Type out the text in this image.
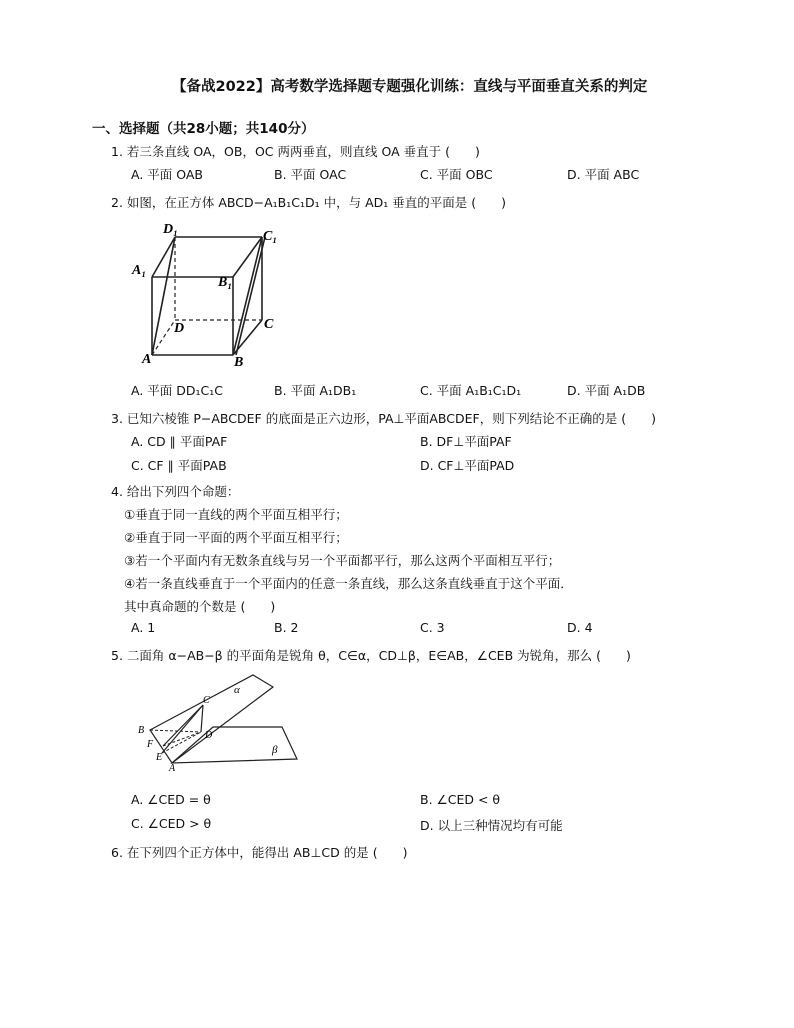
【备战2022】高考数学选择题专题强化训练：直线与平面垂直关系的判定
一、选择题（共28小题；共140分）
1. 若三条直线 OA，OB，OC 两两垂直，则直线 OA 垂直于 (　　)
A. 平面 OAB	B. 平面 OAC	C. 平面 OBC	D. 平面 ABC
2. 如图，在正方体 ABCD−A₁B₁C₁D₁ 中，与 AD₁ 垂直的平面是 (　　)
D₁	C₁
A₁
B₁
C
D
A	B
A. 平面 DD₁C₁C	B. 平面 A₁DB₁	C. 平面 A₁B₁C₁D₁	D. 平面 A₁DB
3. 已知六棱锥 P−ABCDEF 的底面是正六边形，PA⊥平面ABCDEF，则下列结论不正确的是 (　　)
A. CD ∥ 平面PAF	B. DF⊥平面PAF
C. CF ∥ 平面PAB	D. CF⊥平面PAD
4. 给出下列四个命题：
①垂直于同一直线的两个平面互相平行；
②垂直于同一平面的两个平面互相平行；
③若一个平面内有无数条直线与另一个平面都平行，那么这两个平面相互平行；
④若一条直线垂直于一个平面内的任意一条直线，那么这条直线垂直于这个平面．
其中真命题的个数是 (　　)
A. 1	B. 2	C. 3	D. 4
5. 二面角 α−AB−β 的平面角是锐角 θ，C∈α，CD⊥β，E∈AB，∠CEB 为锐角，那么 (　　)
α
β
C
B
F
D
E
A
A. ∠CED = θ	B. ∠CED < θ
C. ∠CED > θ	D. 以上三种情况均有可能
6. 在下列四个正方体中，能得出 AB⊥CD 的是 (　　)
